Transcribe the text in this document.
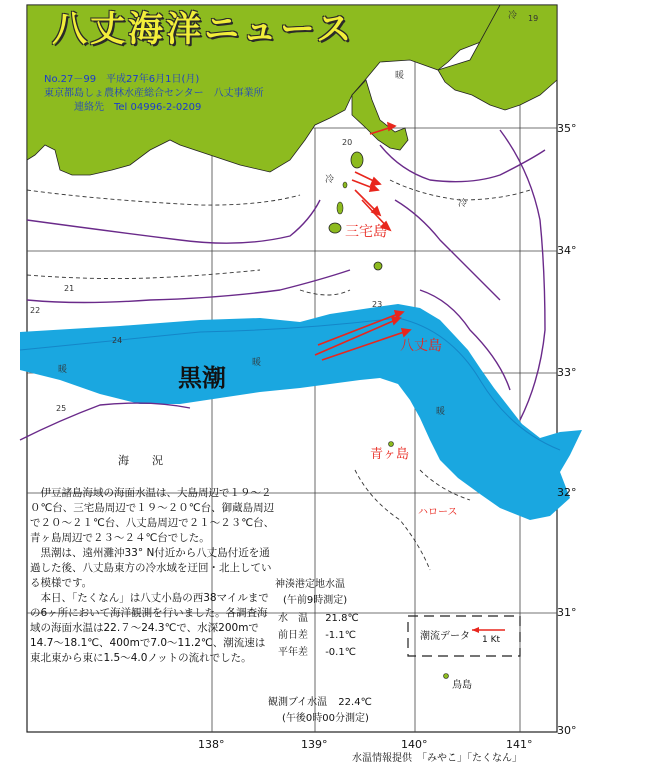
八丈海洋ニュース
No.27－99　平成27年6月1日(月)
東京都島しょ農林水産総合センター　八丈事業所
連絡先　Tel 04996-2-0209
黒潮
三宅島
八丈島
青ヶ島
ハロース
鳥島
冷
冷
冷
暖
暖
暖
暖
19
20
21
22
23
24
25
35°
34°
33°
32°
31°
30°
138°	139°	140°	141°
海　況

伊豆諸島海域の海面水温は、大島周辺で１９～２０℃台、三宅島周辺で１９～２０℃台、御蔵島周辺で２０～２１℃台、八丈島周辺で２１～２３℃台、青ヶ島周辺で２３～２４℃台でした。

黒潮は、遠州灘沖33° N付近から八丈島付近を通過した後、八丈島東方の冷水域を迂回・北上している模様です。

本日、「たくなん」は八丈小島の西38マイルまでの6ヶ所において海洋観測を行いました。各調査海域の海面水温は22.７～24.3℃で、水深200mで14.7～18.1℃、400mで7.0～11.2℃、潮流速は東北東から東に1.5～4.0ノットの流れでした。

神湊港定地水温
(午前9時測定)
水　温 21.8℃
前日差 -1.1℃
平年差 -0.1℃
観測ブイ水温 22.4℃
(午後0時00分測定)
潮流データ 1 Kt
水温情報提供　「みやこ」「たくなん」
